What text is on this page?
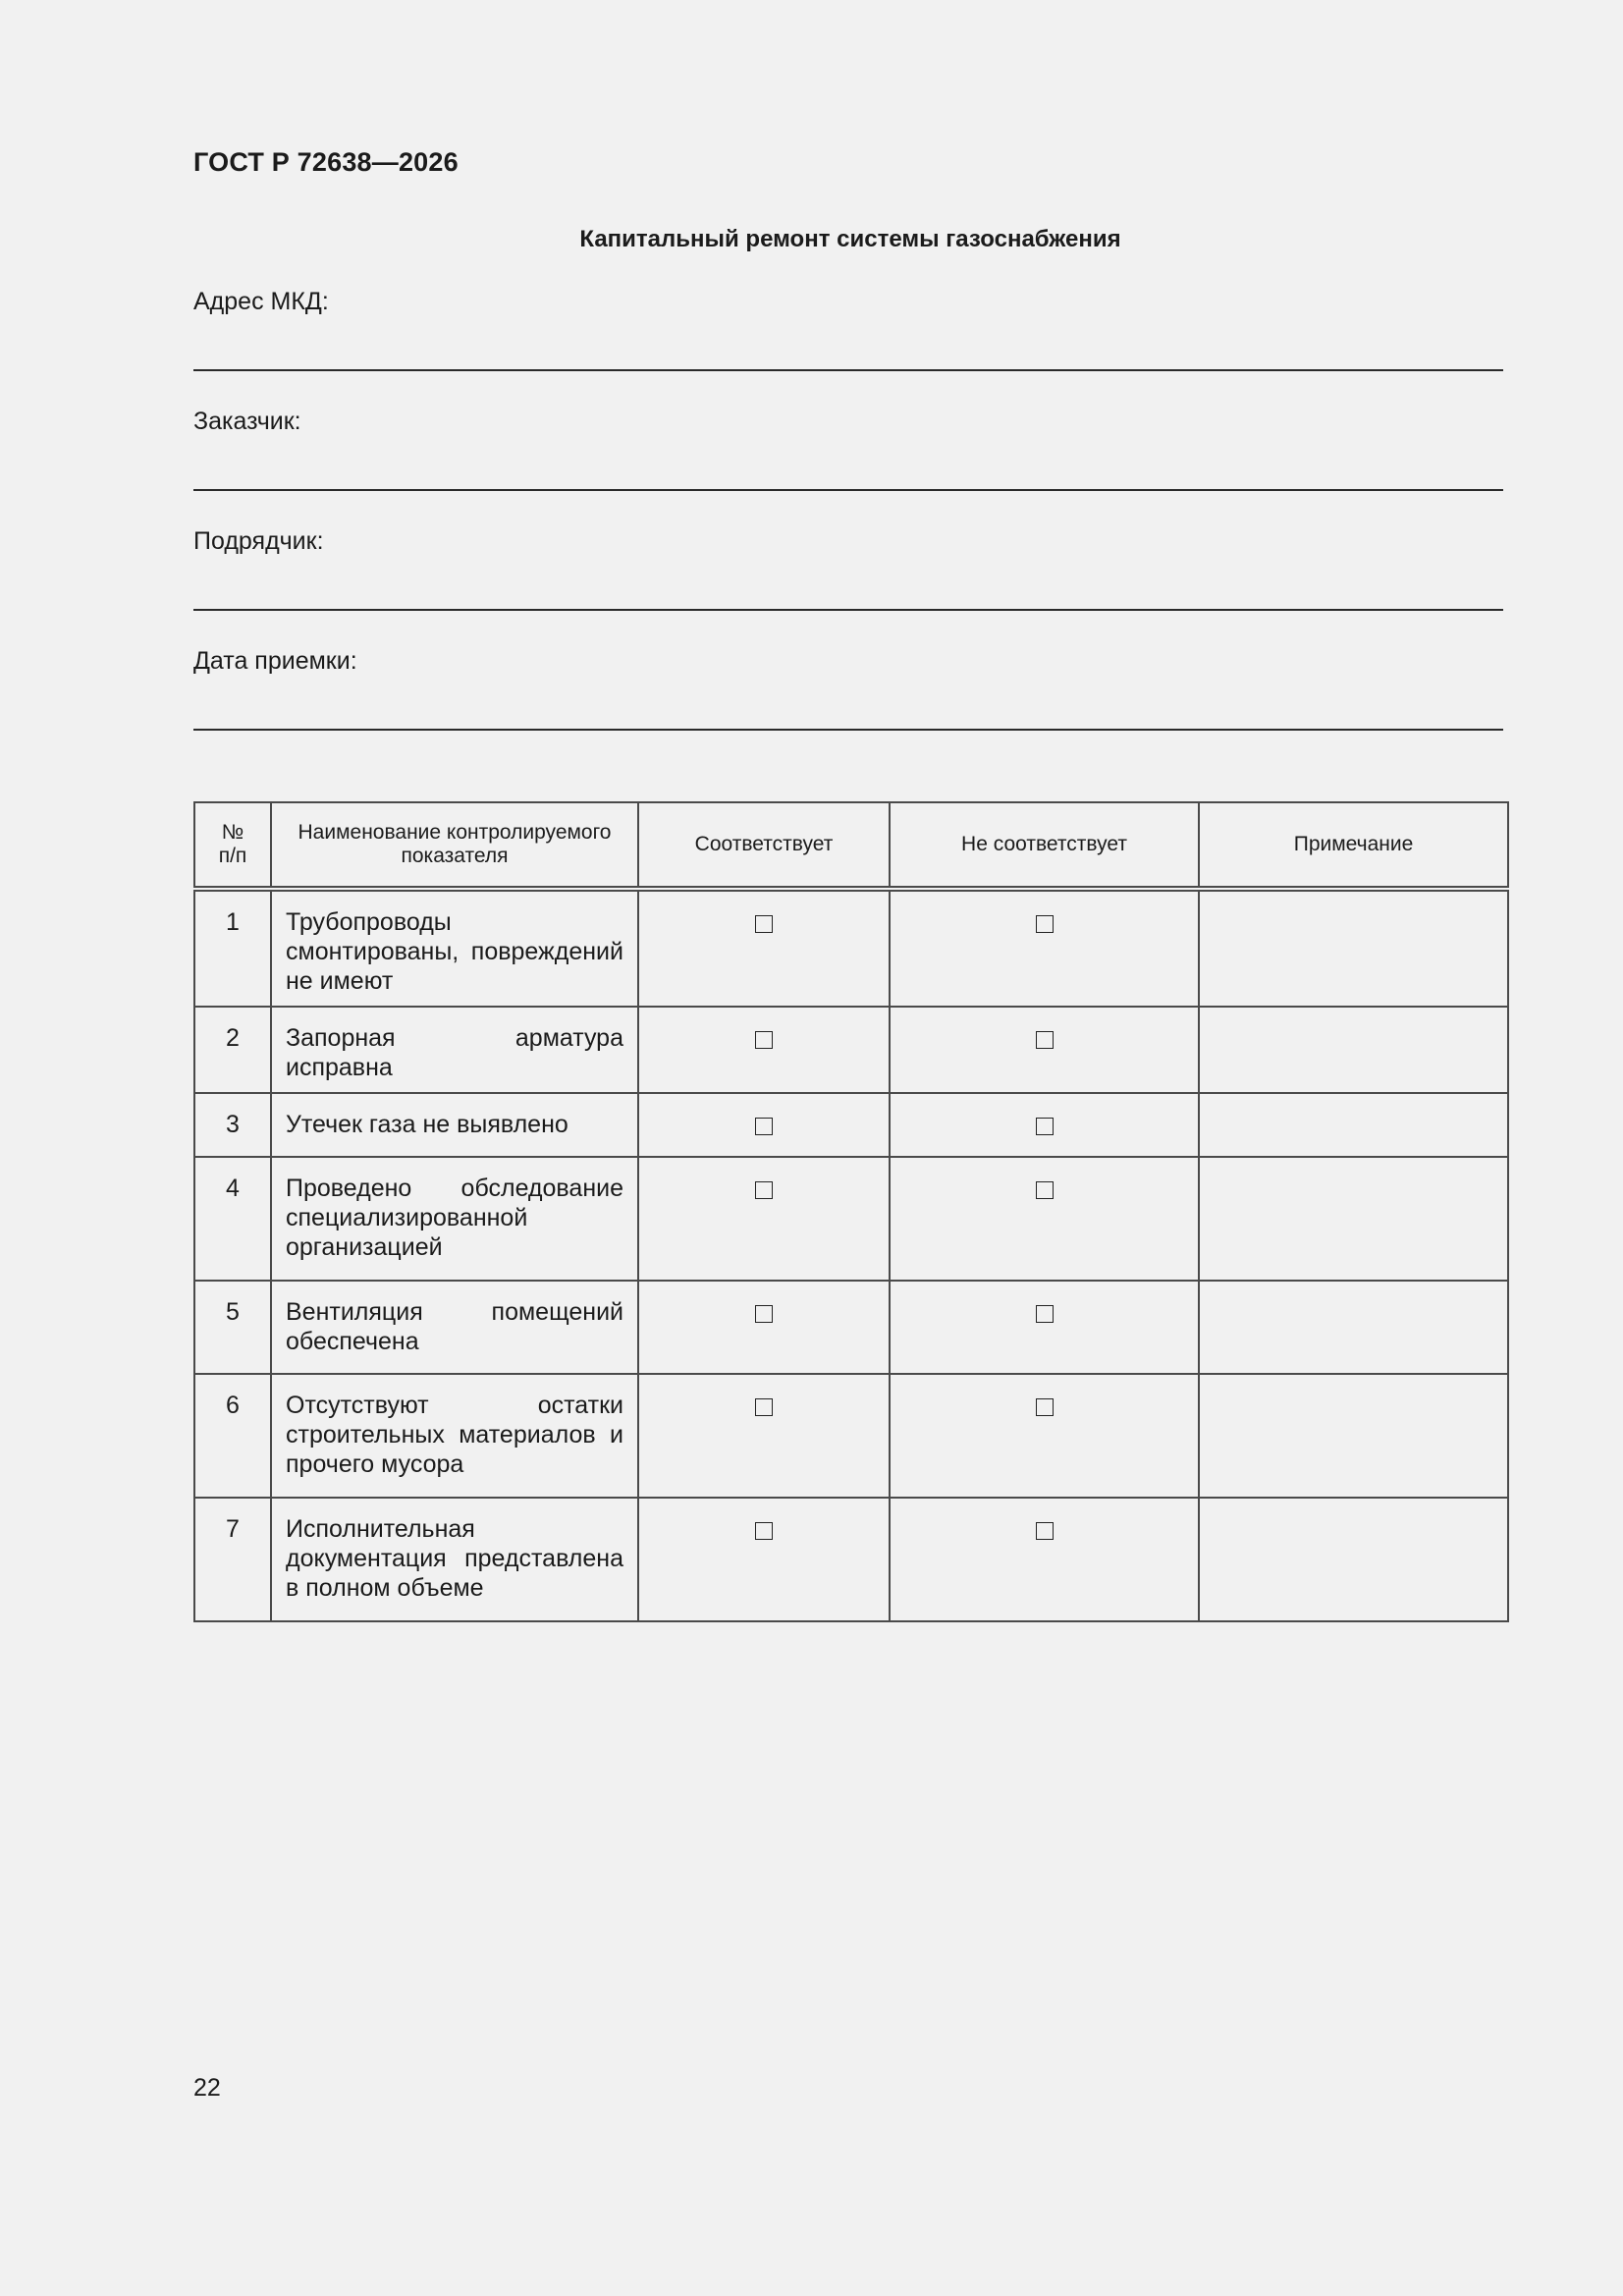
ГОСТ Р 72638—2026
Капитальный ремонт системы газоснабжения
Адрес МКД:
Заказчик:
Подрядчик:
Дата приемки:
№
п/п	Наименование контролируемого показателя	Соответствует	Не соответствует	Примечание
1	Трубопроводы смонтированы, повреждений не имеют			
2	Запорная арматура исправна			
3	Утечек газа не выявлено			
4	Проведено обследование специализированной организацией			
5	Вентиляция помещений обеспечена			
6	Отсутствуют остатки строительных материалов и прочего мусора			
7	Исполнительная документация представлена в полном объеме			
22
